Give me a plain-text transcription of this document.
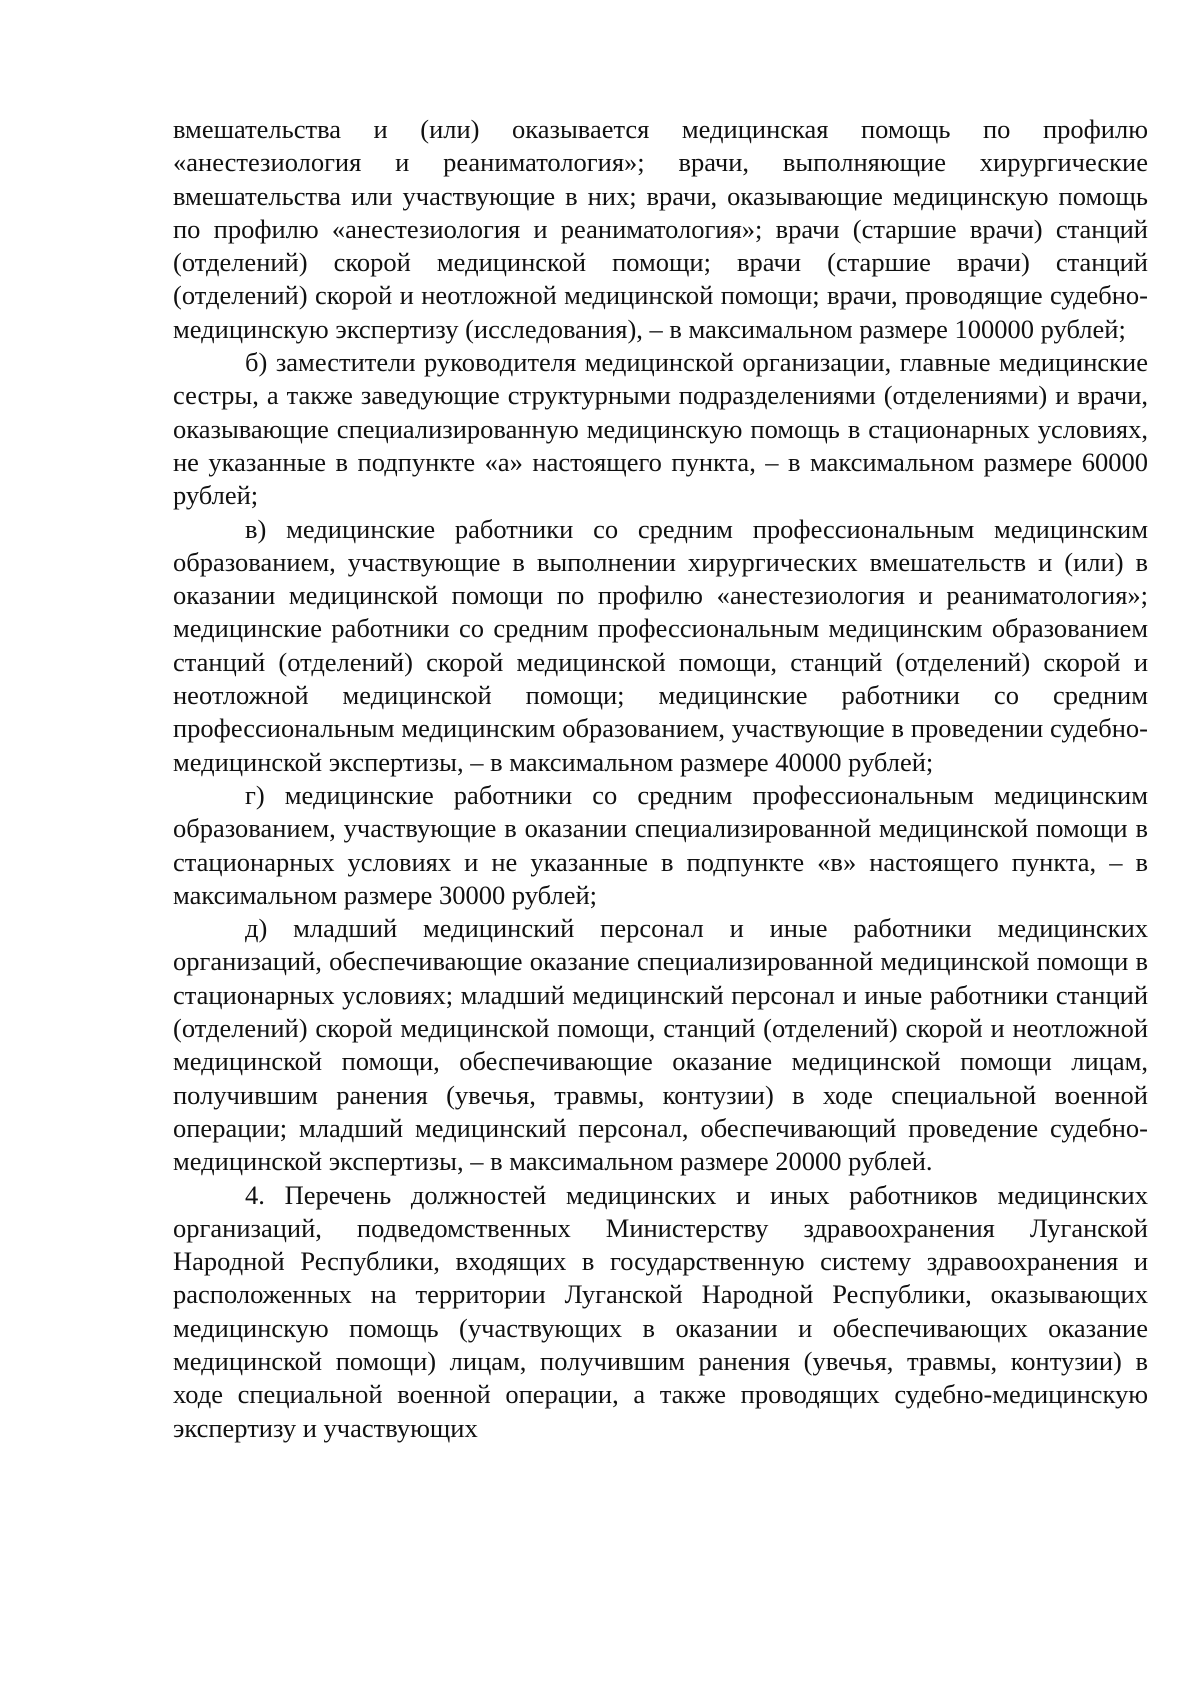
вмешательства и (или) оказывается медицинская помощь по профилю «анестезиология и реаниматология»; врачи, выполняющие хирургические вмешательства или участвующие в них; врачи, оказывающие медицинскую помощь по профилю «анестезиология и реаниматология»; врачи (старшие врачи) станций (отделений) скорой медицинской помощи; врачи (старшие врачи) станций (отделений) скорой и неотложной медицинской помощи; врачи, проводящие судебно-медицинскую экспертизу (исследования), – в максимальном размере 100000 рублей;

б) заместители руководителя медицинской организации, главные медицинские сестры, а также заведующие структурными подразделениями (отделениями) и врачи, оказывающие специализированную медицинскую помощь в стационарных условиях, не указанные в подпункте «а» настоящего пункта, – в максимальном размере 60000 рублей;

в) медицинские работники со средним профессиональным медицинским образованием, участвующие в выполнении хирургических вмешательств и (или) в оказании медицинской помощи по профилю «анестезиология и реаниматология»; медицинские работники со средним профессиональным медицинским образованием станций (отделений) скорой медицинской помощи, станций (отделений) скорой и неотложной медицинской помощи; медицинские работники со средним профессиональным медицинским образованием, участвующие в проведении судебно-медицинской экспертизы, – в максимальном размере 40000 рублей;

г) медицинские работники со средним профессиональным медицинским образованием, участвующие в оказании специализированной медицинской помощи в стационарных условиях и не указанные в подпункте «в» настоящего пункта, – в максимальном размере 30000 рублей;

д) младший медицинский персонал и иные работники медицинских организаций, обеспечивающие оказание специализированной медицинской помощи в стационарных условиях; младший медицинский персонал и иные работники станций (отделений) скорой медицинской помощи, станций (отделений) скорой и неотложной медицинской помощи, обеспечивающие оказание медицинской помощи лицам, получившим ранения (увечья, травмы, контузии) в ходе специальной военной операции; младший медицинский персонал, обеспечивающий проведение судебно-медицинской экспертизы, – в максимальном размере 20000 рублей.

4. Перечень должностей медицинских и иных работников медицинских организаций, подведомственных Министерству здравоохранения Луганской Народной Республики, входящих в государственную систему здравоохранения и расположенных на территории Луганской Народной Республики, оказывающих медицинскую помощь (участвующих в оказании и обеспечивающих оказание медицинской помощи) лицам, получившим ранения (увечья, травмы, контузии) в ходе специальной военной операции, а также проводящих судебно-медицинскую экспертизу и участвующих
